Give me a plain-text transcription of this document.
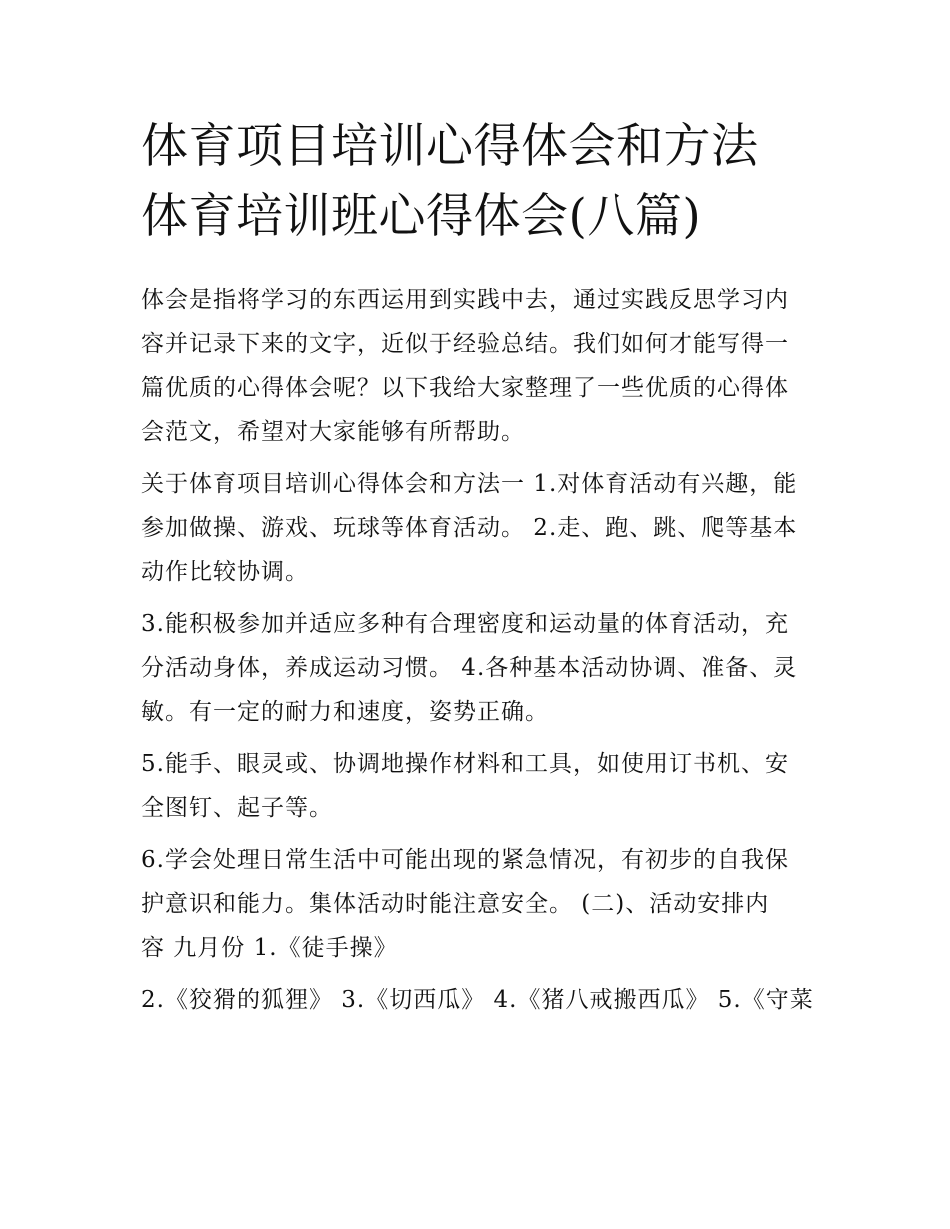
体育项目培训心得体会和方法
体育培训班心得体会(八篇)
体会是指将学习的东西运用到实践中去，通过实践反思学习内
容并记录下来的文字，近似于经验总结。我们如何才能写得一
篇优质的心得体会呢？以下我给大家整理了一些优质的心得体
会范文，希望对大家能够有所帮助。
关于体育项目培训心得体会和方法一 1.对体育活动有兴趣，能
参加做操、游戏、玩球等体育活动。 2.走、跑、跳、爬等基本
动作比较协调。
3.能积极参加并适应多种有合理密度和运动量的体育活动，充
分活动身体，养成运动习惯。 4.各种基本活动协调、准备、灵
敏。有一定的耐力和速度，姿势正确。
5.能手、眼灵或、协调地操作材料和工具，如使用订书机、安
全图钉、起子等。
6.学会处理日常生活中可能出现的紧急情况，有初步的自我保
护意识和能力。集体活动时能注意安全。 (二)、活动安排内
容 九月份 1.《徒手操》
2.《狡猾的狐狸》 3.《切西瓜》 4.《猪八戒搬西瓜》 5.《守菜
